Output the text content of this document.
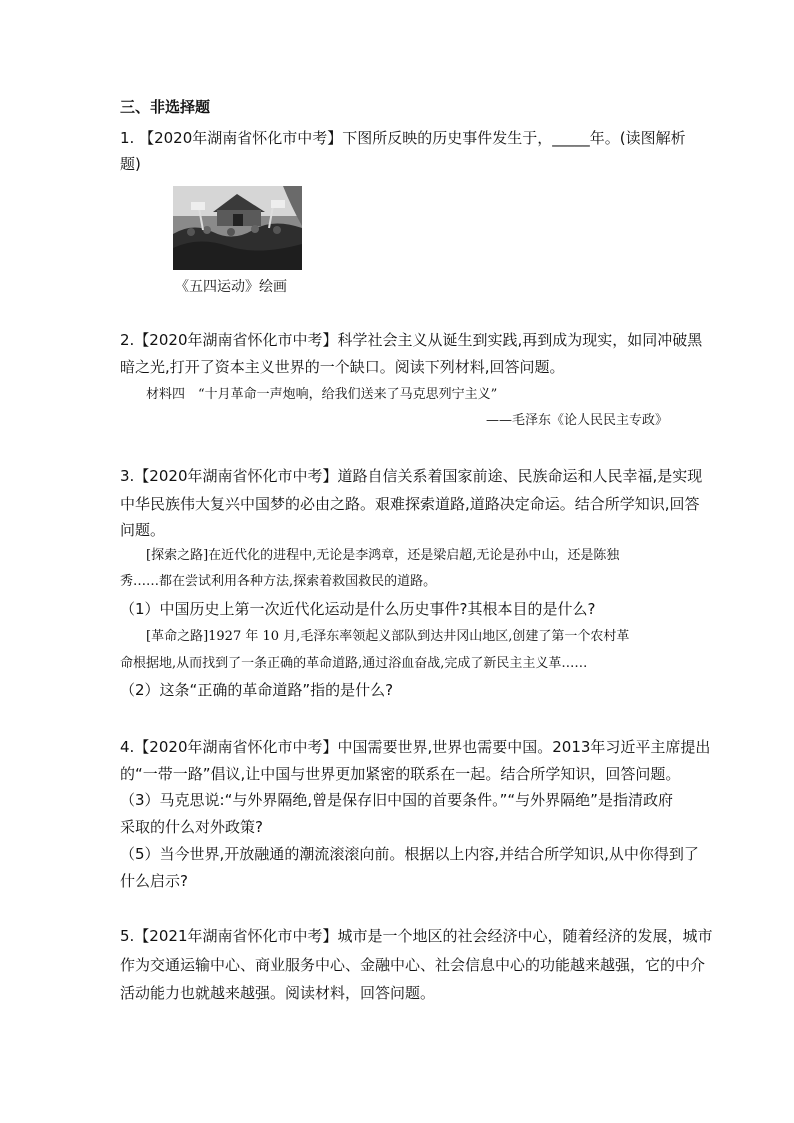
三、非选择题
1. 【2020年湖南省怀化市中考】下图所反映的历史事件发生于，_____年。(读图解析
题)
《五四运动》绘画
2.【2020年湖南省怀化市中考】科学社会主义从诞生到实践,再到成为现实，如同冲破黑
暗之光,打开了资本主义世界的一个缺口。阅读下列材料,回答问题。
材料四　“十月革命一声炮响，给我们送来了马克思列宁主义”
——毛泽东《论人民民主专政》
3.【2020年湖南省怀化市中考】道路自信关系着国家前途、民族命运和人民幸福,是实现
中华民族伟大复兴中国梦的必由之路。艰难探索道路,道路决定命运。结合所学知识,回答
问题。
[探索之路]在近代化的进程中,无论是李鸿章，还是梁启超,无论是孙中山，还是陈独
秀……都在尝试利用各种方法,探索着救国救民的道路。
（1）中国历史上第一次近代化运动是什么历史事件?其根本目的是什么?
[革命之路]1927 年 10 月,毛泽东率领起义部队到达井冈山地区,创建了第一个农村革
命根据地,从而找到了一条正确的革命道路,通过浴血奋战,完成了新民主主义革……
（2）这条“正确的革命道路”指的是什么?
4.【2020年湖南省怀化市中考】中国需要世界,世界也需要中国。2013年习近平主席提出
的“一带一路”倡议,让中国与世界更加紧密的联系在一起。结合所学知识，回答问题。
（3）马克思说:“与外界隔绝,曾是保存旧中国的首要条件。”“与外界隔绝”是指清政府
采取的什么对外政策?
（5）当今世界,开放融通的潮流滚滚向前。根据以上内容,并结合所学知识,从中你得到了
什么启示?
5.【2021年湖南省怀化市中考】城市是一个地区的社会经济中心，随着经济的发展，城市
作为交通运输中心、商业服务中心、金融中心、社会信息中心的功能越来越强，它的中介
活动能力也就越来越强。阅读材料，回答问题。
